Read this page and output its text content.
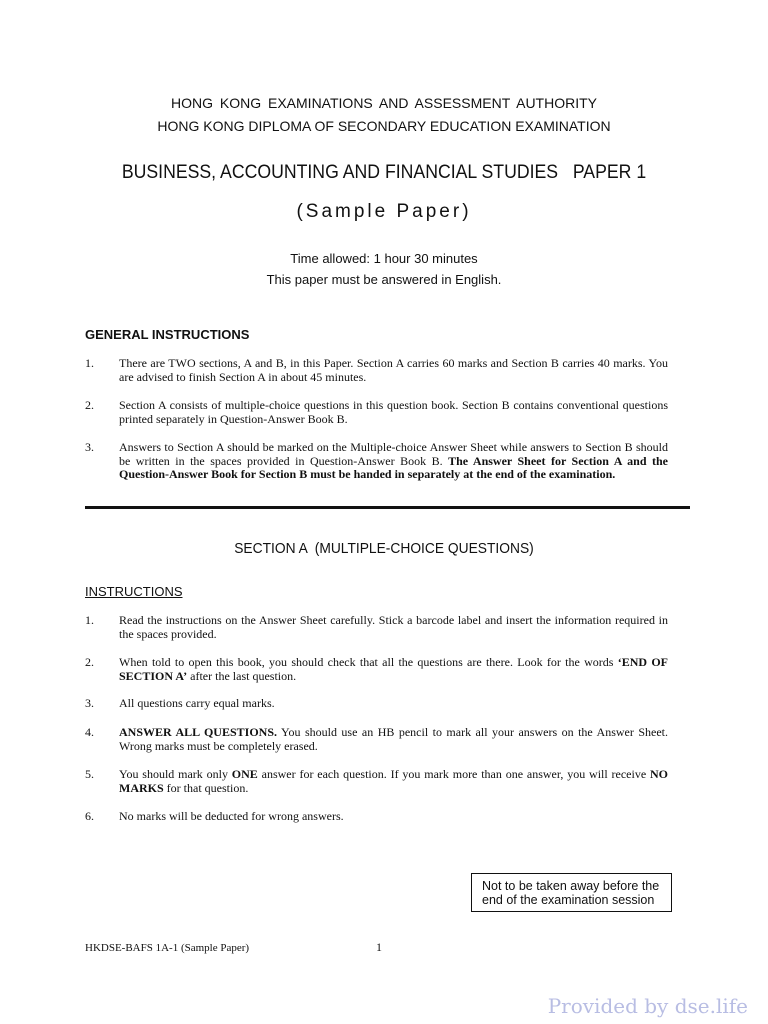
HONG KONG EXAMINATIONS AND ASSESSMENT AUTHORITY
HONG KONG DIPLOMA OF SECONDARY EDUCATION EXAMINATION
BUSINESS, ACCOUNTING AND FINANCIAL STUDIES   PAPER 1
(Sample Paper)
Time allowed: 1 hour 30 minutes
This paper must be answered in English.
GENERAL INSTRUCTIONS
1. There are TWO sections, A and B, in this Paper. Section A carries 60 marks and Section B carries 40 marks. You are advised to finish Section A in about 45 minutes.
2. Section A consists of multiple-choice questions in this question book. Section B contains conventional questions printed separately in Question-Answer Book B.
3. Answers to Section A should be marked on the Multiple-choice Answer Sheet while answers to Section B should be written in the spaces provided in Question-Answer Book B. The Answer Sheet for Section A and the Question-Answer Book for Section B must be handed in separately at the end of the examination.
SECTION A  (MULTIPLE-CHOICE QUESTIONS)
INSTRUCTIONS
1. Read the instructions on the Answer Sheet carefully. Stick a barcode label and insert the information required in the spaces provided.
2. When told to open this book, you should check that all the questions are there. Look for the words ‘END OF SECTION A’ after the last question.
3. All questions carry equal marks.
4. ANSWER ALL QUESTIONS. You should use an HB pencil to mark all your answers on the Answer Sheet. Wrong marks must be completely erased.
5. You should mark only ONE answer for each question. If you mark more than one answer, you will receive NO MARKS for that question.
6. No marks will be deducted for wrong answers.
Not to be taken away before the end of the examination session
HKDSE-BAFS 1A-1 (Sample Paper)	1
Provided by dse.life
